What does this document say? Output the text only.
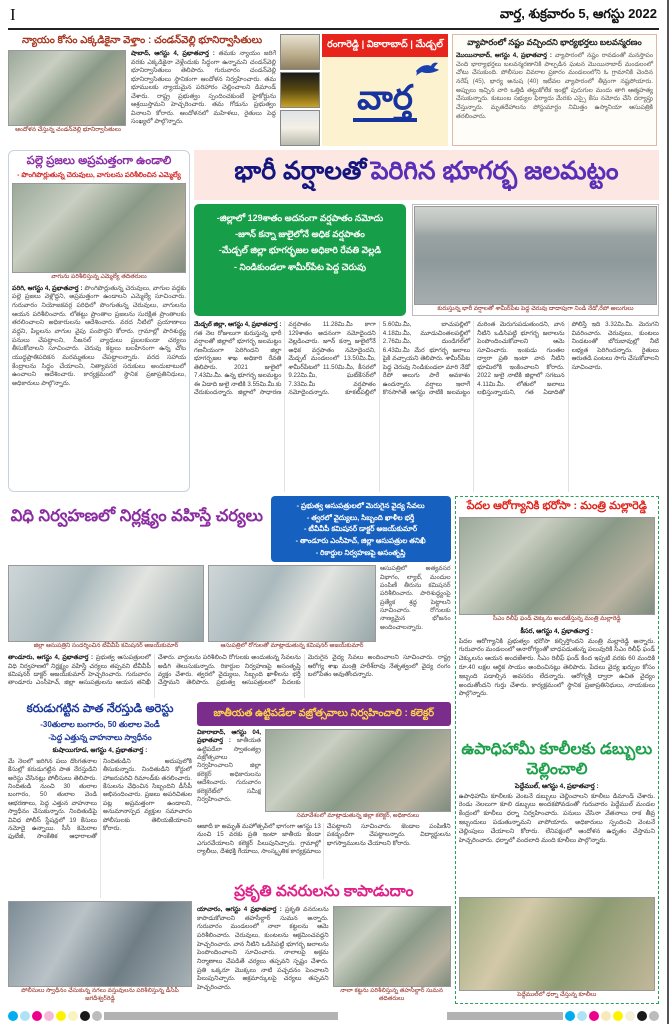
I	వార్త, శుక్రవారం 5, ఆగస్టు 2022
న్యాయం కోసం ఎక్కడికైనా వెళ్తాం : చండన్‌వెల్లి భూనిర్వాసితులు
ఆందోళన చేస్తున్న చండన్‌వెల్లి భూనిర్వాసితులు
షాబాద్, ఆగస్టు 4, ప్రభాతవార్త : తమకు న్యాయం జరిగే వరకు ఎక్కడికైనా వెళ్లేందుకు సిద్ధంగా ఉన్నామని చండన్‌వెల్లి భూనిర్వాసితులు తెలిపారు. గురువారం చండన్‌వెల్లి భూనిర్వాసితులు స్థానికంగా ఆందోళన నిర్వహించారు. తమ భూములకు న్యాయమైన పరిహారం చెల్లించాలని డిమాండ్ చేశారు. రాష్ట్ర ప్రభుత్వం స్పందించకుంటే హైకోర్టును ఆశ్రయిస్తామని హెచ్చరించారు. తమ గోడును ప్రభుత్వం వినాలని కోరారు. ఆందోళనలో మహిళలు, రైతులు పెద్ద సంఖ్యలో పాల్గొన్నారు.
రంగారెడ్డి | వికారాబాద్ | మేడ్చల్
వార్త
వ్యాపారంలో నష్టం వచ్చిందని భార్యభర్తలు బలవన్మరణం
మొయినాబాద్, ఆగస్టు 4, ప్రభాతవార్త : వ్యాపారంలో నష్టం రావడంతో మనస్తాపం చెంది భార్యాభర్తలు బలవన్మరణానికి పాల్పడిన ఘటన మొయినాబాద్ మండలంలో చోటు చేసుకుంది. పోలీసుల వివరాల ప్రకారం మండలంలోని ఓ గ్రామానికి చెందిన నరేష్ (45), భార్య అనుష (40) ఇటీవల వ్యాపారంలో తీవ్రంగా నష్టపోయారు. అప్పులు ఇచ్చిన వారి ఒత్తిడి తట్టుకోలేక ఇంట్లో పురుగుల మందు తాగి ఆత్మహత్య చేసుకున్నారు. కుటుంబ సభ్యుల ఫిర్యాదు మేరకు ఎస్సై కేసు నమోదు చేసి దర్యాప్తు చేస్తున్నారు. మృతదేహాలను పోస్టుమార్టం నిమిత్తం ఉస్మానియా ఆసుపత్రికి తరలించారు.
పల్లె ప్రజలు అప్రమత్తంగా ఉండాలి
- పొంగిపొర్లుతున్న చెరువులు, వాగులను పరిశీలించిన ఎమ్మెల్యే
వాగును పరిశీలిస్తున్న ఎమ్మెల్యే తదితరులు
పరిగి, ఆగస్టు 4, ప్రభాతవార్త : పొంగిపొర్లుతున్న చెరువులు, వాగుల వద్దకు పల్లె ప్రజలు వెళ్లొద్దని, అప్రమత్తంగా ఉండాలని ఎమ్మెల్యే సూచించారు. గురువారం నియోజకవర్గ పరిధిలో పొంగుతున్న చెరువులు, వాగులను ఆయన పరిశీలించారు. లోతట్టు ప్రాంతాల ప్రజలను సురక్షిత ప్రాంతాలకు తరలించాలని అధికారులను ఆదేశించారు. వరద నీటిలో ప్రయాణాలు వద్దని, పిల్లలను వాగుల వైపు పంపొద్దని కోరారు. గ్రామాల్లో పారిశుద్ధ్య పనులు చేపట్టాలని, సీజనల్ వ్యాధులు ప్రబలకుండా చర్యలు తీసుకోవాలని సూచించారు. చెరువు కట్టలు బలహీనంగా ఉన్న చోట యుద్ధప్రాతిపదికన మరమ్మతులు చేపట్టాలన్నారు. వరద సహాయ కేంద్రాలను సిద్ధం చేయాలని, నిత్యావసర సరుకులు అందుబాటులో ఉంచాలని ఆదేశించారు. కార్యక్రమంలో స్థానిక ప్రజాప్రతినిధులు, అధికారులు పాల్గొన్నారు.
భారీ వర్షాలతో పెరిగిన భూగర్భ జలమట్టం
-జిల్లాలో 129శాతం అదనంగా వర్షపాతం నమోదు
-జూన్ కన్నా జులైలోనే అధిక వర్షపాతం
-మేడ్చల్ జిల్లా భూగర్భజల అధికారి రేవతి వెల్లడి
- నిండికుండలా శామీర్‌పేట పెద్ద చెరువు
కురుస్తున్న భారీ వర్షాలతో శామీర్‌పేట పెద్ద చెరువు దాదాపుగా నిండి నేడో,రేపో అలుగులు
మేడ్చల్ జిల్లా, ఆగస్టు 4, ప్రభాతవార్త : గత నెల రోజులుగా కురుస్తున్న భారీ వర్షాలతో జిల్లాలో భూగర్భ జలమట్టం గణనీయంగా పెరిగిందని జిల్లా భూగర్భజల శాఖ అధికారి రేవతి తెలిపారు. 2021 జులైలో 7.43మి.మీ. ఉన్న భూగర్భ జలమట్టం ఈ ఏడాది జులై నాటికి 3.55మి.మీ.కు చేరుకుందన్నారు. జిల్లాలో సాధారణ వర్షపాతం 11.28మి.మీ కాగా 129శాతం అదనంగా నమోదైందని వెల్లడించారు. జూన్ కన్నా జులైలోనే అధిక వర్షపాతం నమోదైందని, మేడ్చల్ మండలంలో 13.50మి.మీ, శామీర్‌పేటలో 11.50మి.మీ, కీసరలో 9.22మి.మీ, ఘట్‌కేసర్‌లో 7.33మి.మీ వర్షపాతం నమోదైందన్నారు. కూకట్‌పల్లిలో 5.60మి.మీ, బాచుపల్లిలో 4.18మి.మీ, మూడుచింతలపల్లిలో 2.76మి.మీ, దుండిగల్‌లో 6.43మి.మీ మేర భూగర్భ జలాలు పైకి వచ్చాయని తెలిపారు. శామీర్‌పేట పెద్ద చెరువు నిండికుండలా మారి నేడో రేపో అలుగు పారే అవకాశం ఉందన్నారు. వర్షాలు ఇలాగే కొనసాగితే ఆగస్టు నాటికి జలమట్టం మరింత మెరుగుపడుతుందని, వాన నీటిని ఒడిసిపట్టి భూగర్భ జలాలను పెంపొందించుకోవాలని ఆమె సూచించారు. ఇంకుడు గుంతల ద్వారా ప్రతి ఇంటా వాన నీటిని భూమిలోకి ఇంకించాలని కోరారు. 2022 జులై నాటికి జిల్లాలో సగటున 4.11మి.మీ. లోతులో జలాలు లభిస్తున్నాయని, గత ఏడాదితో పోలిస్తే ఇది 3.32మి.మీ. మెరుగని వివరించారు. చెరువులు, కుంటలు నిండటంతో బోరుబావుల్లో నీటి లభ్యత పెరిగిందన్నారు. రైతులు ఆరుతడి పంటలు సాగు చేసుకోవాలని సూచించారు.
విధి నిర్వహణలో నిర్లక్ష్యం వహిస్తే చర్యలు
- ప్రభుత్వ ఆసుపత్రులలో మెరుగైన వైద్య సేవలు
- త్వరలో వైద్యులు, సిబ్బంది ఖాళీల భర్తీ
- టీవీవీపీ కమిషనర్ డాక్టర్ అజయ్‌కుమార్
- తాండూరు ఎంసీహెచ్, జిల్లా ఆసుపత్రుల తనిఖీ
- రికార్డుల నిర్వహణపై అసంతృప్తి
జిల్లా ఆసుపత్రిని సందర్శించిన టీవీవీపీ కమిషనర్ అజయ్‌కుమార్	ఆసుపత్రిలో రోగులతో మాట్లాడుతున్న కమిషనర్ అజయ్‌కుమార్
ఆసుపత్రిలో అత్యవసర విభాగం, ల్యాబ్, మందుల పంపిణీ తీరును కమిషనర్ పరిశీలించారు. పారిశుద్ధ్యంపై ప్రత్యేక శ్రద్ధ పెట్టాలని సూచించారు. రోగులకు నాణ్యమైన భోజనం అందించాలన్నారు.
తాండూరు, ఆగస్టు 4, ప్రభాతవార్త : ప్రభుత్వ ఆసుపత్రులలో విధి నిర్వహణలో నిర్లక్ష్యం వహిస్తే చర్యలు తప్పవని టీవీవీపీ కమిషనర్ డాక్టర్ అజయ్‌కుమార్ హెచ్చరించారు. గురువారం తాండూరు ఎంసీహెచ్, జిల్లా ఆసుపత్రులను ఆయన తనిఖీ చేశారు. వార్డులను పరిశీలించి రోగులకు అందుతున్న సేవలను అడిగి తెలుసుకున్నారు. రికార్డుల నిర్వహణపై అసంతృప్తి వ్యక్తం చేశారు. త్వరలో వైద్యులు, సిబ్బంది ఖాళీలను భర్తీ చేస్తామని తెలిపారు. ప్రభుత్వ ఆసుపత్రులలో పేదలకు మెరుగైన వైద్య సేవలు అందించాలని సూచించారు. రాష్ట్ర ఆరోగ్య శాఖ మంత్రి హరీశ్‌రావు నేతృత్వంలో వైద్య రంగం బలోపేతం అవుతోందన్నారు.
కరుడుగట్టిన పాత నేరస్తుడి అరెస్టు
-30తులాల బంగారం, 50 తులాల వెండీ
-పెద్ద ఎత్తున్న వాహనాలు స్వాధీనం
కుషాయిగూడ, ఆగస్టు 4, ప్రభాతవార్త :
మే నెలలో జరిగిన పలు దొంగతనాల కేసుల్లో కరుడుగట్టిన పాత నేరస్తుడిని అరెస్టు చేసినట్లు పోలీసులు తెలిపారు. నిందితుడి నుంచి 30 తులాల బంగారం, 50 తులాల వెండి ఆభరణాలు, పెద్ద ఎత్తున వాహనాలు స్వాధీనం చేసుకున్నారు. నిందితుడిపై వివిధ పోలీస్ స్టేషన్లలో 19 కేసులు నమోదై ఉన్నాయి. సీసీ కెమెరాల ఫుటేజీ, సాంకేతిక ఆధారాలతో నిందితుడిని అదుపులోకి తీసుకున్నారు. నిందితుడిని కోర్టులో హాజరుపరిచి రిమాండ్‌కు తరలించారు. కేసులను చేధించిన సిబ్బందిని డీసీపీ అభినందించారు. ప్రజలు అపరిచితుల పట్ల అప్రమత్తంగా ఉండాలని, అనుమానాస్పద వ్యక్తుల సమాచారం పోలీసులకు తెలియజేయాలని కోరారు.
పోలీసులు స్వాధీనం చేసుకున్న నగలు వస్తువులను పరిశీలిస్తున్న డీసీపీ జగదీశ్వర్‌రెడ్డి
జాతీయత ఉట్టిపడేలా వజ్రోత్సవాలు నిర్వహించాలి : కలెక్టర్
వికారాబాద్, ఆగస్టు 04, ప్రభాతవార్త : జాతీయత ఉట్టిపడేలా స్వాతంత్య్ర వజ్రోత్సవాలు నిర్వహించాలని జిల్లా కలెక్టర్ అధికారులను ఆదేశించారు. గురువారం కలెక్టరేట్‌లో సమీక్ష నిర్వహించారు.
సమావేశంలో మాట్లాడుతున్న జిల్లా కలెక్టర్, అధికారులు
ఆజాదీ కా అమృత్ మహోత్సవ్‌లో భాగంగా ఆగస్టు 13 నుంచి 15 వరకు ప్రతి ఇంటా జాతీయ జెండా ఎగురవేయాలని కలెక్టర్ పిలుపునిచ్చారు. గ్రామాల్లో ర్యాలీలు, దేశభక్తి గేయాలు, సాంస్కృతిక కార్యక్రమాలు చేపట్టాలని సూచించారు. జెండాల పంపిణీని పకడ్బందీగా చేపట్టాలన్నారు. విద్యార్థులను భాగస్వాములను చేయాలని కోరారు.
ప్రకృతి వనరులను కాపాడుదాం
యాచారం, ఆగస్టు 4 ప్రభాతవార్త : ప్రకృతి వనరులను కాపాడుకోవాలని తహసీల్దార్ సుమన అన్నారు. గురువారం మండలంలో నాలా కట్టలను ఆమె పరిశీలించారు. చెరువులు, కుంటలను ఆక్రమించవద్దని హెచ్చరించారు. వాన నీటిని ఒడిసిపట్టి భూగర్భ జలాలను పెంపొందించాలని సూచించారు. నాలాలపై అక్రమ నిర్మాణాలు చేపడితే చర్యలు తప్పవని స్పష్టం చేశారు. ప్రతి ఒక్కరూ మొక్కలు నాటి పచ్చదనం పెంచాలని పిలుపునిచ్చారు. అక్రమార్కులపై చర్యలు తప్పవని హెచ్చరించారు.	నాలా కట్టను పరిశీలిస్తున్న తహసీల్దార్ సుమన తదితరులు
పేదల ఆరోగ్యానికి భరోసా : మంత్రి మల్లారెడ్డి
సీఎం రిలీఫ్ ఫండ్ చెక్కును అందజేస్తున్న మంత్రి మల్లారెడ్డి
కీసర, ఆగస్టు 4, ప్రభాతవార్త :
పేదల ఆరోగ్యానికి ప్రభుత్వం భరోసా కల్పిస్తోందని మంత్రి మల్లారెడ్డి అన్నారు. గురువారం మండలంలో అనారోగ్యంతో బాధపడుతున్న పలువురికి సీఎం రిలీఫ్ ఫండ్ చెక్కులను ఆయన అందజేశారు. సీఎం రిలీఫ్ ఫండ్ కింద ఇప్పటి వరకు 60 మందికి రూ.40 లక్షల ఆర్థిక సాయం అందించినట్లు తెలిపారు. పేదలు వైద్య ఖర్చుల కోసం ఇబ్బంది పడాల్సిన అవసరం లేదన్నారు. ఆరోగ్యశ్రీ ద్వారా ఉచిత వైద్యం అందుతోందని గుర్తు చేశారు. కార్యక్రమంలో స్థానిక ప్రజాప్రతినిధులు, నాయకులు పాల్గొన్నారు.
ఉపాధిహామీ కూలీలకు డబ్బులు చెల్లించాలి
పెద్దేముల్, ఆగస్టు 4, ప్రభాతవార్త :
ఉపాధిహామీ కూలీలకు వెంటనే డబ్బులు చెల్లించాలని కూలీలు డిమాండ్ చేశారు. రెండు నెలలుగా కూలి డబ్బులు అందకపోవడంతో గురువారం పెద్దేముల్ మండల కేంద్రంలో కూలీలు ధర్నా నిర్వహించారు. పనులు చేసినా వేతనాలు రాక తీవ్ర ఇబ్బందులు పడుతున్నామని వాపోయారు. అధికారులు స్పందించి వెంటనే చెల్లింపులు చేయాలని కోరారు. లేనిపక్షంలో ఆందోళన ఉధృతం చేస్తామని హెచ్చరించారు. ధర్నాలో వందలాది మంది కూలీలు పాల్గొన్నారు.
పెద్దేముల్‌లో ధర్నా చేస్తున్న కూలీలు
